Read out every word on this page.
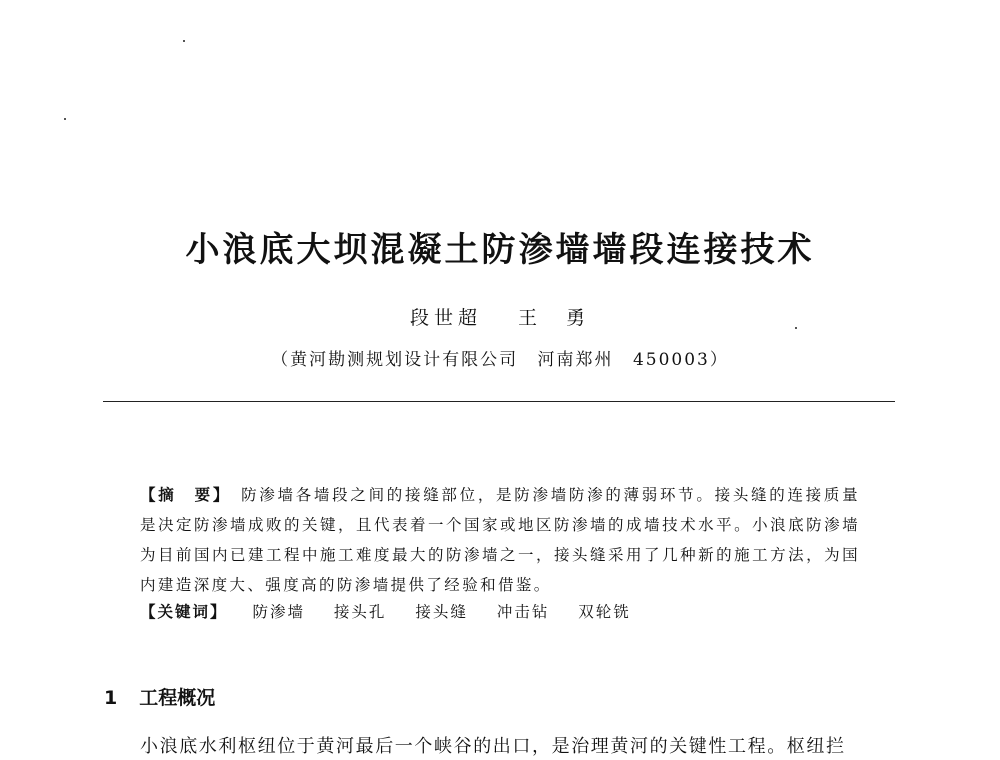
小浪底大坝混凝土防渗墙墙段连接技术
段世超 王　勇
（黄河勘测规划设计有限公司 河南郑州 450003）
【摘　要】 防渗墙各墙段之间的接缝部位，是防渗墙防渗的薄弱环节。接头缝的连接质量是决定防渗墙成败的关键，且代表着一个国家或地区防渗墙的成墙技术水平。小浪底防渗墙为目前国内已建工程中施工难度最大的防渗墙之一，接头缝采用了几种新的施工方法，为国内建造深度大、强度高的防渗墙提供了经验和借鉴。
【关键词】 防渗墙 接头孔 接头缝 冲击钻 双轮铣
1 工程概况
小浪底水利枢纽位于黄河最后一个峡谷的出口，是治理黄河的关键性工程。枢纽拦
